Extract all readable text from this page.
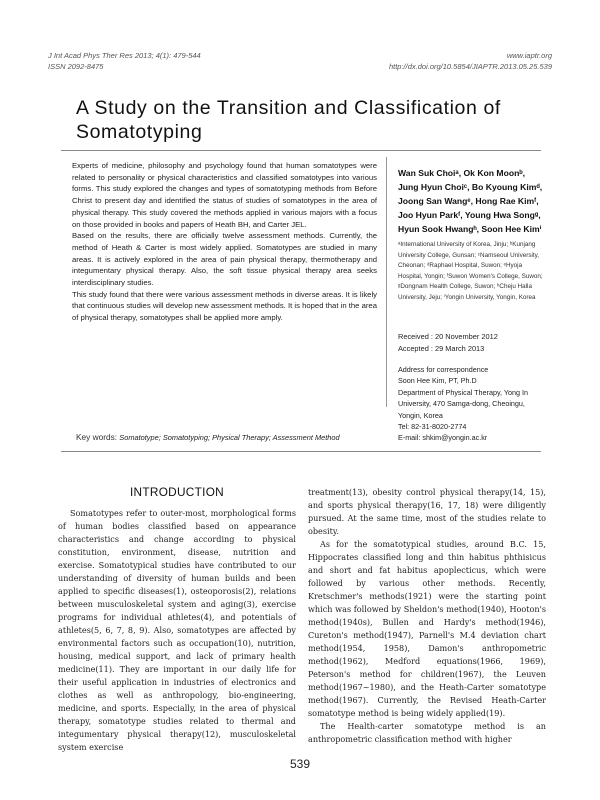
J Int Acad Phys Ther Res 2013; 4(1): 479-544
ISSN 2092-8475
www.iaptr.org
http://dx.doi.org/10.5854/JIAPTR.2013.05.25.539
A Study on the Transition and Classification of Somatotyping

Experts of medicine, philosophy and psychology found that human somatotypes were related to personality or physical characteristics and classified somatotypes into various forms. This study explored the changes and types of somatotyping methods from Before Christ to present day and identified the status of studies of somatotypes in the area of physical therapy. This study covered the methods applied in various majors with a focus on those provided in books and papers of Heath BH, and Carter JEL.

Based on the results, there are officially twelve assessment methods. Currently, the method of Heath & Carter is most widely applied. Somatotypes are studied in many areas. It is actively explored in the area of pain physical therapy, thermotherapy and integumentary physical therapy. Also, the soft tissue physical therapy area seeks interdisciplinary studies.

This study found that there were various assessment methods in diverse areas. It is likely that continuous studies will develop new assessment methods. It is hoped that in the area of physical therapy, somatotypes shall be applied more amply.

Wan Suk Choiᵃ, Ok Kon Moonᵇ, Jung Hyun Choiᶜ, Bo Kyoung Kimᵈ, Joong San Wangᵉ, Hong Rae Kimᶠ, Joo Hyun Parkᶠ, Young Hwa Songᵍ, Hyun Sook Hwangʰ, Soon Hee Kimⁱ
ᵃInternational University of Korea, Jinju; ᵇKunjang University College, Gunsan; ᶜNamseoul University, Cheonan; ᵈRaphael Hospital, Suwon; ᵉHyoja Hospital, Yongin; ᶠSuwon Women's College, Suwon; ᵍDongnam Health College, Suwon; ʰCheju Halla University, Jeju; ⁱYongin University, Yongin, Korea
Received : 20 November 2012
Accepted : 29 March 2013
Address for correspondence
Soon Hee Kim, PT, Ph.D
Department of Physical Therapy, Yong In University, 470 Samga-dong, Cheoingu, Yongin, Korea
Tel: 82-31-8020-2774
E-mail: shkim@yongin.ac.kr
Key words: Somatotype; Somatotyping; Physical Therapy; Assessment Method
INTRODUCTION

Somatotypes refer to outer-most, morphological forms of human bodies classified based on appearance characteristics and change according to physical constitution, environment, disease, nutrition and exercise. Somatotypical studies have contributed to our understanding of diversity of human builds and been applied to specific diseases(1), osteoporosis(2), relations between musculoskeletal system and aging(3), exercise programs for individual athletes(4), and potentials of athletes(5, 6, 7, 8, 9). Also, somatotypes are affected by environmental factors such as occupation(10), nutrition, housing, medical support, and lack of primary health medicine(11). They are important in our daily life for their useful application in industries of electronics and clothes as well as anthropology, bio-engineering, medicine, and sports. Especially, in the area of physical therapy, somatotype studies related to thermal and integumentary physical therapy(12), musculoskeletal system exercise

treatment(13), obesity control physical therapy(14, 15), and sports physical therapy(16, 17, 18) were diligently pursued. At the same time, most of the studies relate to obesity.

As for the somatotypical studies, around B.C. 15, Hippocrates classified long and thin habitus phthisicus and short and fat habitus apoplecticus, which were followed by various other methods. Recently, Kretschmer's methods(1921) were the starting point which was followed by Sheldon's method(1940), Hooton's method(1940s), Bullen and Hardy's method(1946), Cureton's method(1947), Parnell's M.4 deviation chart method(1954, 1958), Damon's anthropometric method(1962), Medford equations(1966, 1969), Peterson's method for children(1967), the Leuven method(1967~1980), and the Heath-Carter somatotype method(1967). Currently, the Revised Heath-Carter somatotype method is being widely applied(19).

The Health-carter somatotype method is an anthropometric classification method with higher

539
